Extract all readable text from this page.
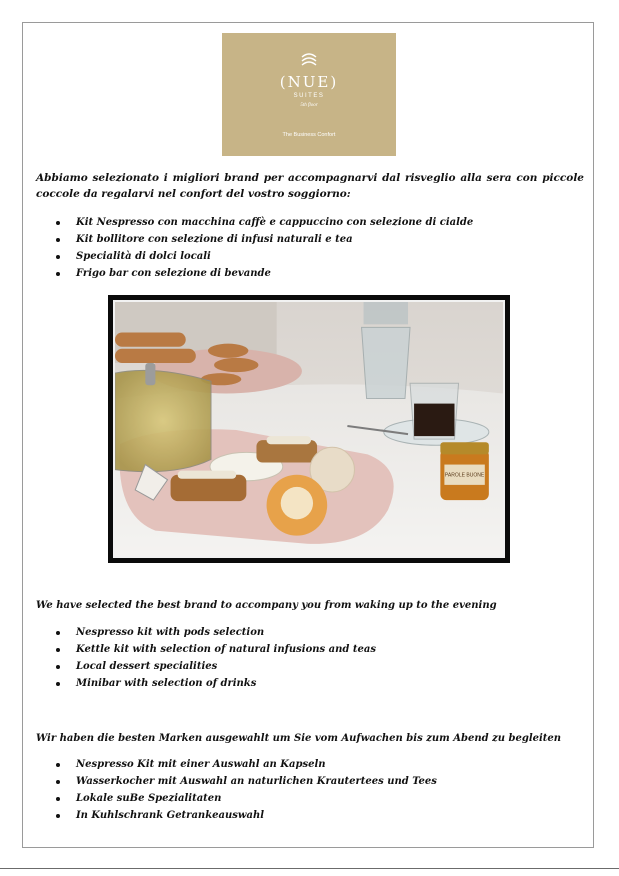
(NUE)
SUITES
5th floor
The Business Confort

Abbiamo selezionato i migliori brand per accompagnarvi dal risveglio alla sera con piccole coccole da regalarvi nel confort del vostro soggiorno:

Kit Nespresso con macchina caffè e cappuccino con selezione di cialde
Kit bollitore con selezione di infusi naturali e tea
Specialità di dolci locali
Frigo bar con selezione di bevande
PAROLE BUONE

We have selected the best brand to accompany you from waking up to the evening

Nespresso kit with pods selection
Kettle kit with selection of natural infusions and teas
Local dessert specialities
Minibar with selection of drinks

Wir haben die besten Marken ausgewahlt um Sie vom Aufwachen bis zum Abend zu begleiten

Nespresso Kit mit einer Auswahl an Kapseln
Wasserkocher mit Auswahl an naturlichen Krautertees und Tees
Lokale suBe Spezialitaten
In Kuhlschrank Getrankeauswahl
